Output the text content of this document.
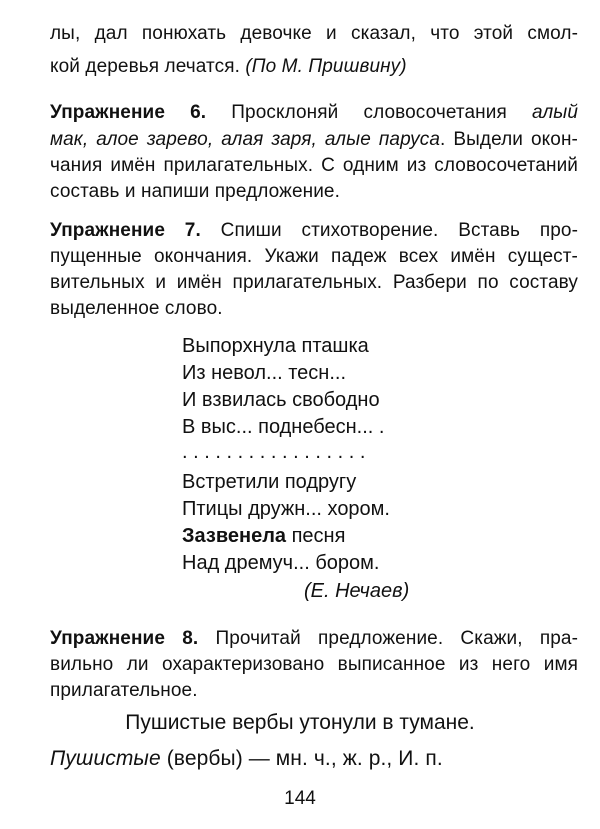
лы, дал понюхать девочке и сказал, что этой смол-
кой деревья лечатся. (По М. Пришвину)
Упражнение 6. Просклоняй словосочетания алый
мак, алое зарево, алая заря, алые паруса. Выдели окон-
чания имён прилагательных. С одним из словосочетаний
составь и напиши предложение.
Упражнение 7. Спиши стихотворение. Вставь про-
пущенные окончания. Укажи падеж всех имён сущест-
вительных и имён прилагательных. Разбери по составу
выделенное слово.
Выпорхнула пташка
Из невол... тесн...
И взвилась свободно
В выс... поднебесн... .
. . . . . . . . . . . . . . . . .
Встретили подругу
Птицы дружн... хором.
Зазвенела песня
Над дремуч... бором.
(Е. Нечаев)
Упражнение 8. Прочитай предложение. Скажи, пра-
вильно ли охарактеризовано выписанное из него имя
прилагательное.
Пушистые вербы утонули в тумане.
Пушистые (вербы) — мн. ч., ж. р., И. п.
144
